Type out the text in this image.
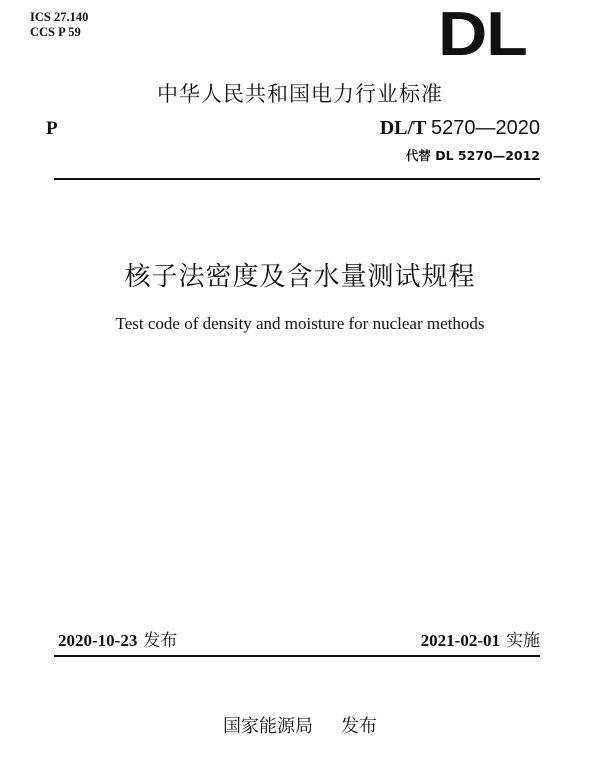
ICS 27.140
CCS P 59	DL
中华人民共和国电力行业标准
P	DL/T 5270—2020
代替 DL 5270—2012
核子法密度及含水量测试规程
Test code of density and moisture for nuclear methods
2020-10-23 发布	2021-02-01 实施
国家能源局 发布
